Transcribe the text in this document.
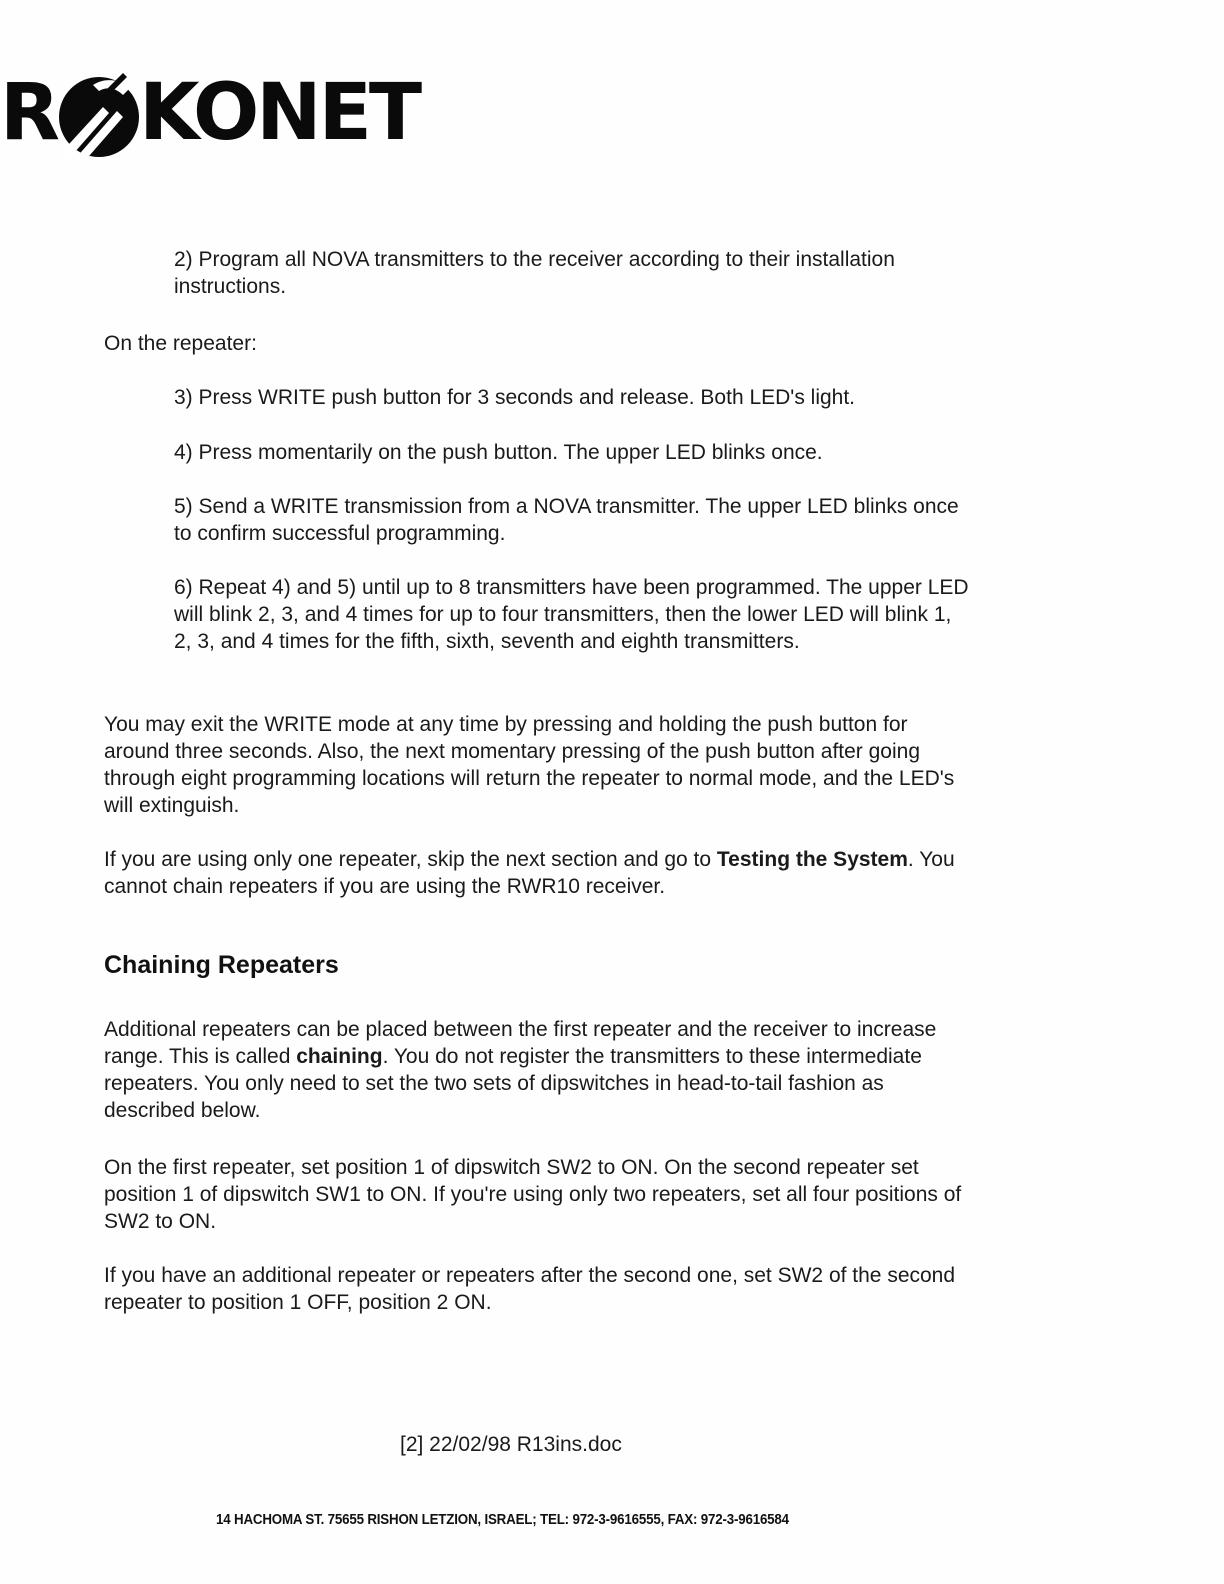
R KONET

2) Program all NOVA transmitters to the receiver according to their installation instructions.

On the repeater:

3) Press WRITE push button for 3 seconds and release. Both LED's light.

4) Press momentarily on the push button. The upper LED blinks once.

5) Send a WRITE transmission from a NOVA transmitter. The upper LED blinks once to confirm successful programming.

6) Repeat 4) and 5) until up to 8 transmitters have been programmed. The upper LED will blink 2, 3, and 4 times for up to four transmitters, then the lower LED will blink 1, 2, 3, and 4 times for the fifth, sixth, seventh and eighth transmitters.

You may exit the WRITE mode at any time by pressing and holding the push button for around three seconds. Also, the next momentary pressing of the push button after going through eight programming locations will return the repeater to normal mode, and the LED's will extinguish.

If you are using only one repeater, skip the next section and go to Testing the System. You cannot chain repeaters if you are using the RWR10 receiver.

Chaining Repeaters

Additional repeaters can be placed between the first repeater and the receiver to increase range. This is called chaining. You do not register the transmitters to these intermediate repeaters. You only need to set the two sets of dipswitches in head-to-tail fashion as described below.

On the first repeater, set position 1 of dipswitch SW2 to ON. On the second repeater set position 1 of dipswitch SW1 to ON. If you're using only two repeaters, set all four positions of SW2 to ON.

If you have an additional repeater or repeaters after the second one, set SW2 of the second repeater to position 1 OFF, position 2 ON.

[2] 22/02/98 R13ins.doc
14 HACHOMA ST. 75655 RISHON LETZION, ISRAEL; TEL: 972-3-9616555, FAX: 972-3-9616584
